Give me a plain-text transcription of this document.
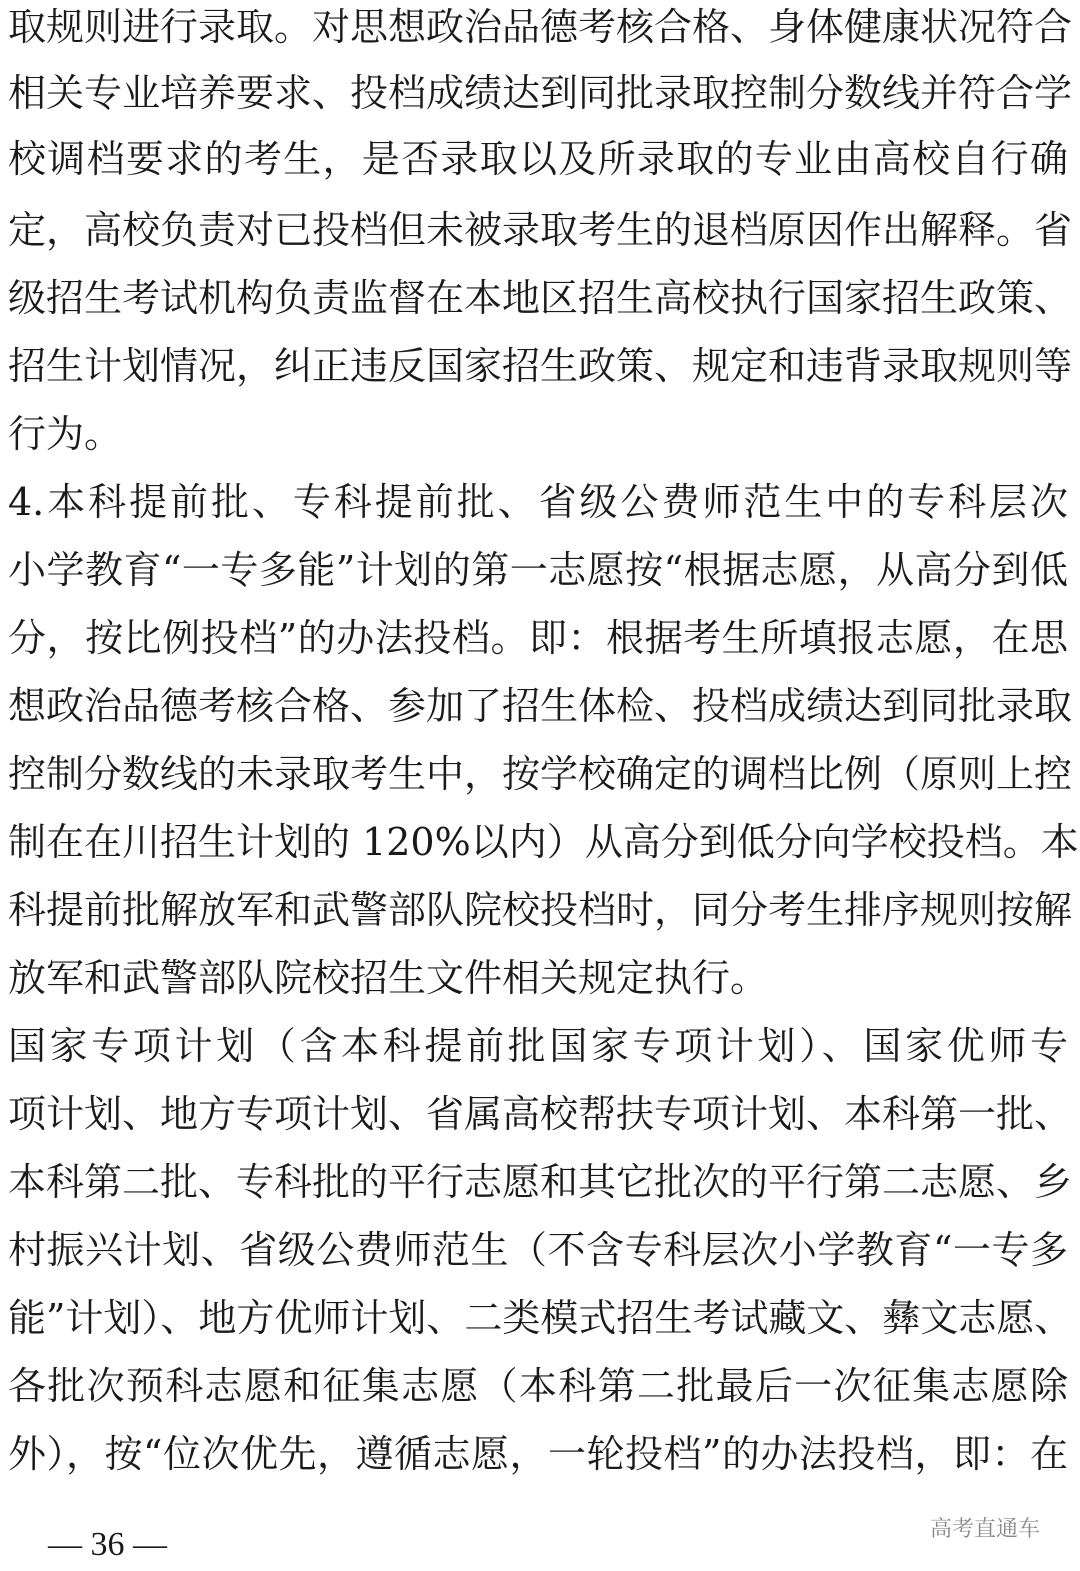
取规则进行录取。对思想政治品德考核合格、身体健康状况符合
相关专业培养要求、投档成绩达到同批录取控制分数线并符合学
校调档要求的考生，是否录取以及所录取的专业由高校自行确
定，高校负责对已投档但未被录取考生的退档原因作出解释。省
级招生考试机构负责监督在本地区招生高校执行国家招生政策、
招生计划情况，纠正违反国家招生政策、规定和违背录取规则等
行为。
4.本科提前批、专科提前批、省级公费师范生中的专科层次
小学教育“一专多能”计划的第一志愿按“根据志愿，从高分到低
分，按比例投档”的办法投档。即：根据考生所填报志愿，在思
想政治品德考核合格、参加了招生体检、投档成绩达到同批录取
控制分数线的未录取考生中，按学校确定的调档比例（原则上控
制在在川招生计划的 120%以内）从高分到低分向学校投档。本
科提前批解放军和武警部队院校投档时，同分考生排序规则按解
放军和武警部队院校招生文件相关规定执行。
国家专项计划（含本科提前批国家专项计划）、国家优师专
项计划、地方专项计划、省属高校帮扶专项计划、本科第一批、
本科第二批、专科批的平行志愿和其它批次的平行第二志愿、乡
村振兴计划、省级公费师范生（不含专科层次小学教育“一专多
能”计划）、地方优师计划、二类模式招生考试藏文、彝文志愿、
各批次预科志愿和征集志愿（本科第二批最后一次征集志愿除
外），按“位次优先，遵循志愿，一轮投档”的办法投档，即：在
— 36 —	高考直通车
